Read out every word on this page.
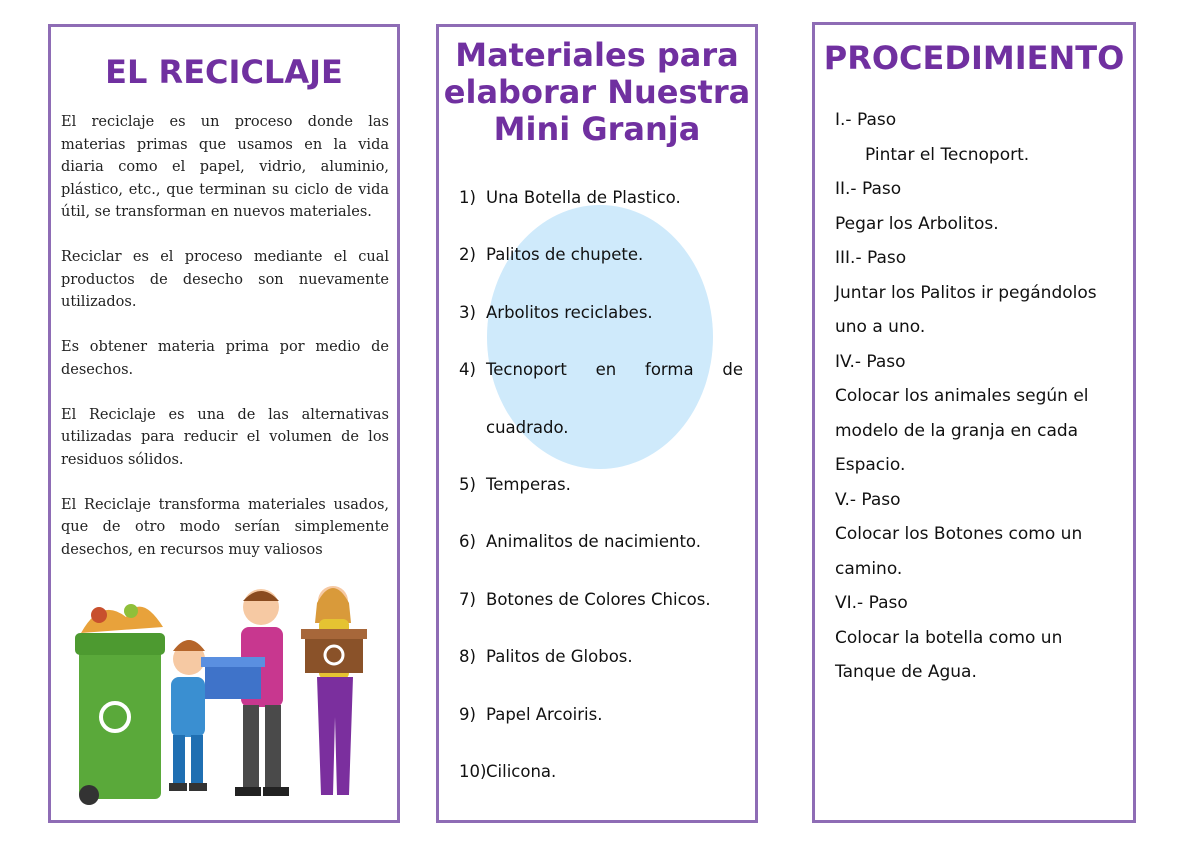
EL RECICLAJE

El reciclaje es un proceso donde las materias primas que usamos en la vida diaria como el papel, vidrio, aluminio, plástico, etc., que terminan su ciclo de vida útil, se transforman en nuevos materiales.

Reciclar es el proceso mediante el cual productos de desecho son nuevamente utilizados.

Es obtener materia prima por medio de desechos.

El Reciclaje es una de las alternativas utilizadas para reducir el volumen de los residuos sólidos.

El Reciclaje transforma materiales usados, que de otro modo serían simplemente desechos, en recursos muy valiosos

Materiales para elaborar Nuestra Mini Granja
1) Una Botella de Plastico.
2) Palitos de chupete.
3) Arbolitos reciclabes.
4) Tecnoport en forma de
cuadrado.
5) Temperas.
6) Animalitos de nacimiento.
7) Botones de Colores Chicos.
8) Palitos de Globos.
9) Papel Arcoiris.
10) Cilicona.
PROCEDIMIENTO
I.- Paso
Pintar el Tecnoport.
II.- Paso
Pegar los Arbolitos.
III.- Paso
Juntar los Palitos ir pegándolos
uno a uno.
IV.- Paso
Colocar los animales según el
modelo de la granja en cada
Espacio.
V.- Paso
Colocar los Botones como un
camino.
VI.- Paso
Colocar la botella como un
Tanque de Agua.
